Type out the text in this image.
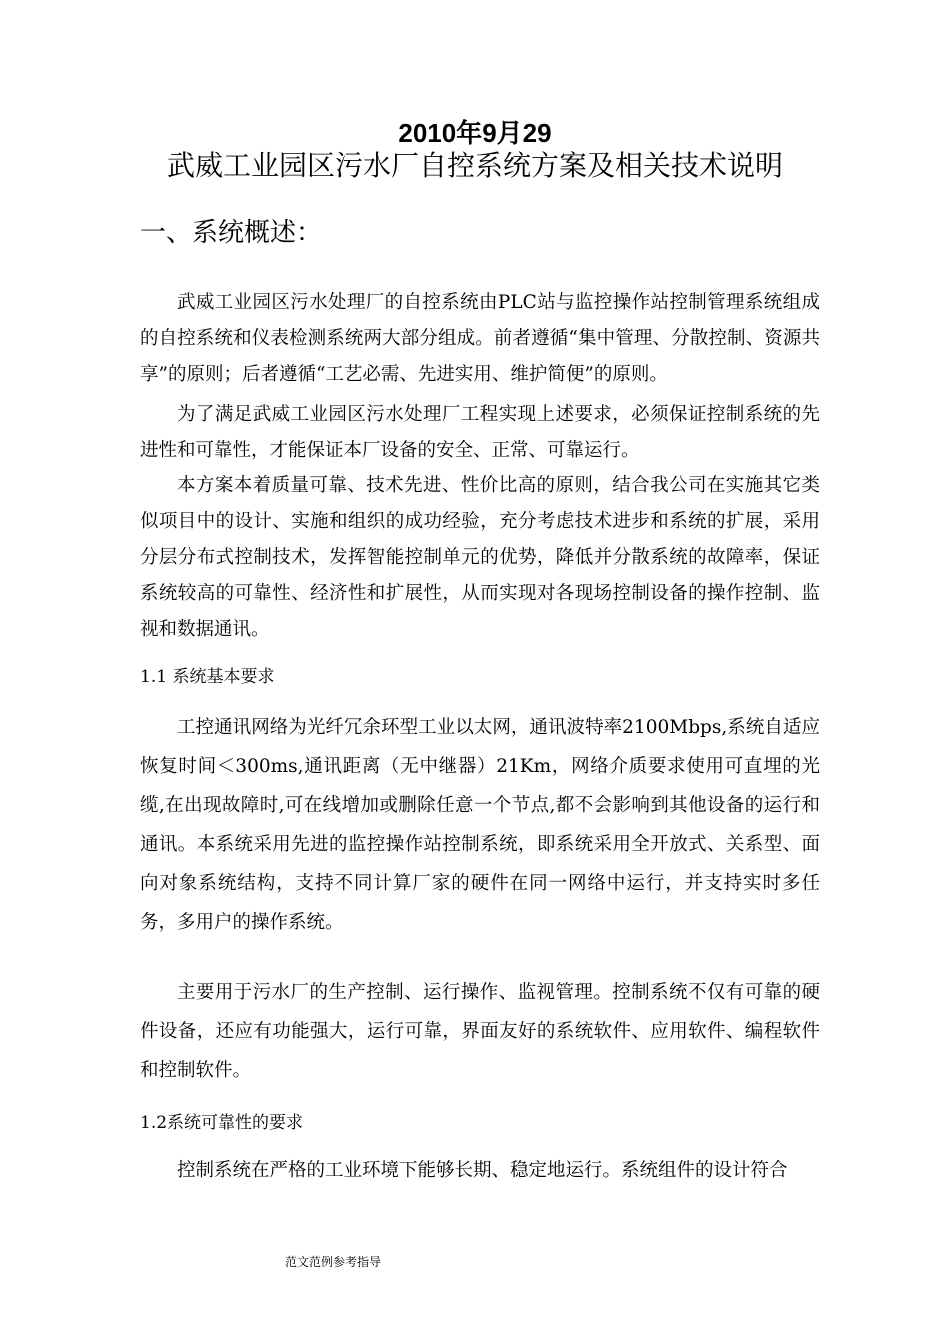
2010年9月29
武威工业园区污水厂自控系统方案及相关技术说明
一、系统概述：

武威工业园区污水处理厂的自控系统由PLC站与监控操作站控制管理系统组成的自控系统和仪表检测系统两大部分组成。前者遵循“集中管理、分散控制、资源共享”的原则；后者遵循“工艺必需、先进实用、维护简便”的原则。

为了满足武威工业园区污水处理厂工程实现上述要求，必须保证控制系统的先进性和可靠性，才能保证本厂设备的安全、正常、可靠运行。

本方案本着质量可靠、技术先进、性价比高的原则，结合我公司在实施其它类似项目中的设计、实施和组织的成功经验，充分考虑技术进步和系统的扩展，采用分层分布式控制技术，发挥智能控制单元的优势，降低并分散系统的故障率，保证系统较高的可靠性、经济性和扩展性，从而实现对各现场控制设备的操作控制、监视和数据通讯。

1.1 系统基本要求

工控通讯网络为光纤冗余环型工业以太网，通讯波特率2100Mbps,系统自适应恢复时间＜300ms,通讯距离（无中继器）21Km，网络介质要求使用可直埋的光缆,在出现故障时,可在线增加或删除任意一个节点,都不会影响到其他设备的运行和通讯。本系统采用先进的监控操作站控制系统，即系统采用全开放式、关系型、面向对象系统结构，支持不同计算厂家的硬件在同一网络中运行，并支持实时多任务，多用户的操作系统。

主要用于污水厂的生产控制、运行操作、监视管理。控制系统不仅有可靠的硬件设备，还应有功能强大，运行可靠，界面友好的系统软件、应用软件、编程软件和控制软件。

1.2系统可靠性的要求

控制系统在严格的工业环境下能够长期、稳定地运行。系统组件的设计符合

范文范例参考指导
